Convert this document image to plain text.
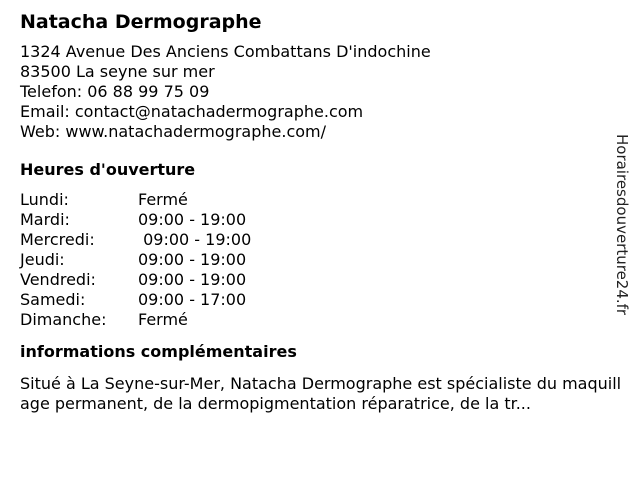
Natacha Dermographe
1324 Avenue Des Anciens Combattans D'indochine
83500 La seyne sur mer
Telefon: 06 88 99 75 09
Email: contact@natachadermographe.com
Web: www.natachadermographe.com/
Heures d'ouverture
Lundi:	Fermé
Mardi:	09:00 - 19:00
Mercredi:	09:00 - 19:00
Jeudi:	09:00 - 19:00
Vendredi:	09:00 - 19:00
Samedi:	09:00 - 17:00
Dimanche:	Fermé
informations complémentaires

Situé à La Seyne-sur-Mer, Natacha Dermographe est spécialiste du maquillage permanent, de la dermopigmentation réparatrice, de la tr...

Horairesdouverture24.fr
